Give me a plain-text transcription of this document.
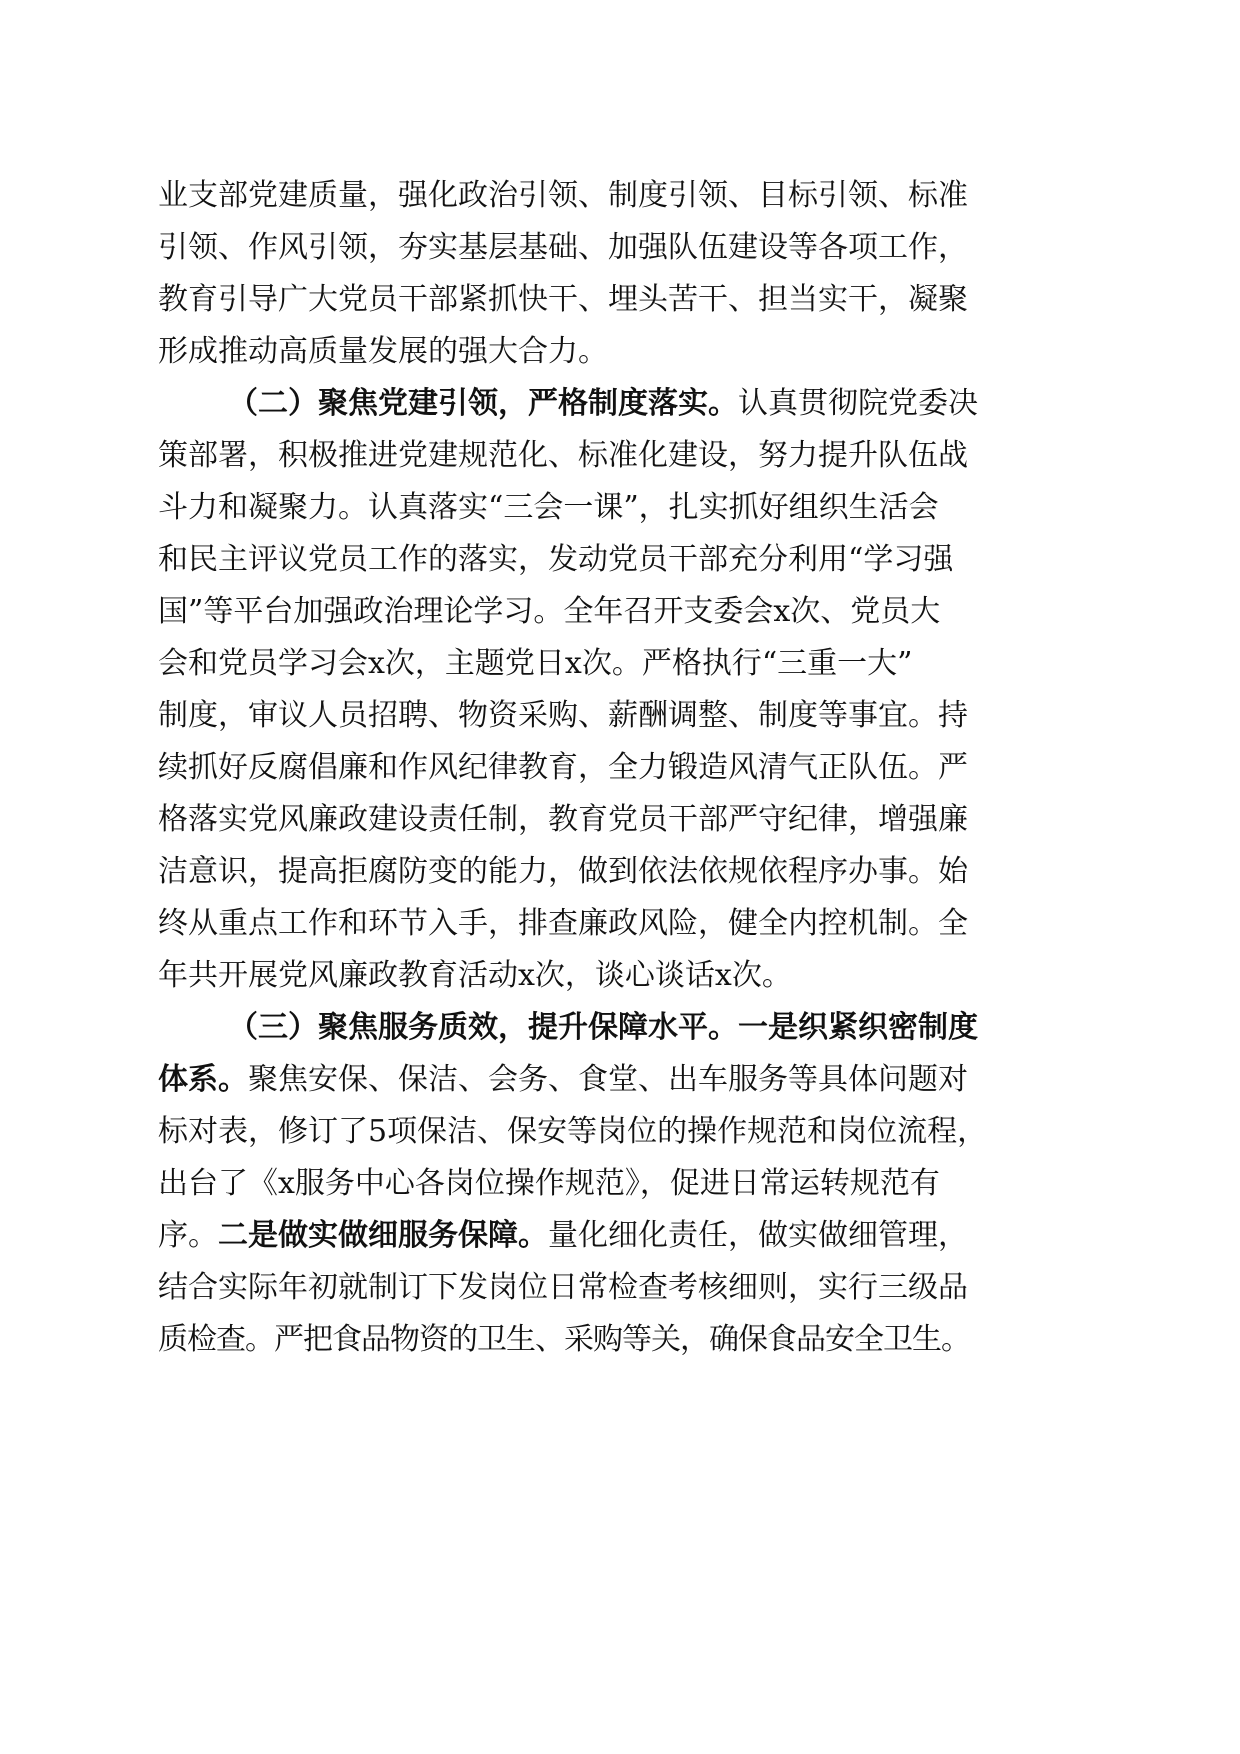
业支部党建质量，强化政治引领、制度引领、目标引领、标准
引领、作风引领，夯实基层基础、加强队伍建设等各项工作，
教育引导广大党员干部紧抓快干、埋头苦干、担当实干，凝聚
形成推动高质量发展的强大合力。
（二）聚焦党建引领，严格制度落实。认真贯彻院党委决
策部署，积极推进党建规范化、标准化建设，努力提升队伍战
斗力和凝聚力。认真落实“三会一课”，扎实抓好组织生活会
和民主评议党员工作的落实，发动党员干部充分利用“学习强
国”等平台加强政治理论学习。全年召开支委会x次、党员大
会和党员学习会x次，主题党日x次。严格执行“三重一大”
制度，审议人员招聘、物资采购、薪酬调整、制度等事宜。持
续抓好反腐倡廉和作风纪律教育，全力锻造风清气正队伍。严
格落实党风廉政建设责任制，教育党员干部严守纪律，增强廉
洁意识，提高拒腐防变的能力，做到依法依规依程序办事。始
终从重点工作和环节入手，排查廉政风险，健全内控机制。全
年共开展党风廉政教育活动x次，谈心谈话x次。
（三）聚焦服务质效，提升保障水平。一是织紧织密制度
体系。聚焦安保、保洁、会务、食堂、出车服务等具体问题对
标对表，修订了5项保洁、保安等岗位的操作规范和岗位流程，
出台了《x服务中心各岗位操作规范》，促进日常运转规范有
序。二是做实做细服务保障。量化细化责任，做实做细管理，
结合实际年初就制订下发岗位日常检查考核细则，实行三级品
质检查。严把食品物资的卫生、采购等关，确保食品安全卫生。
